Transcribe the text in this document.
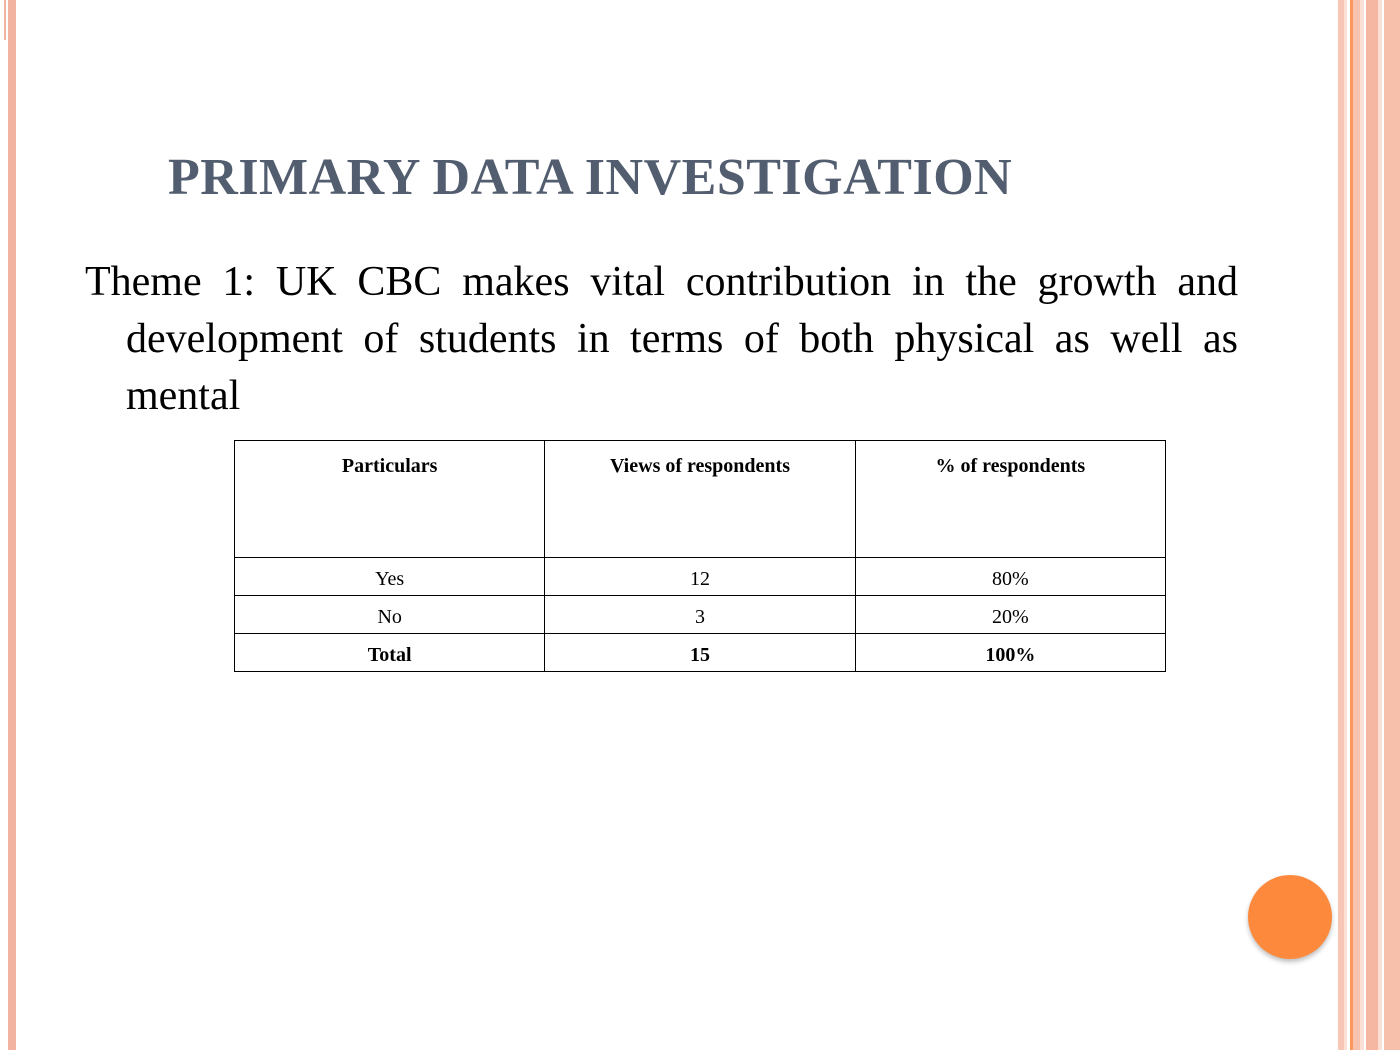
PRIMARY DATA INVESTIGATION

Theme 1: UK CBC makes vital contribution in the growth and development of students in terms of both physical as well as mental

Particulars	Views of respondents	% of respondents
Yes	12	80%
No	3	20%
Total	15	100%
